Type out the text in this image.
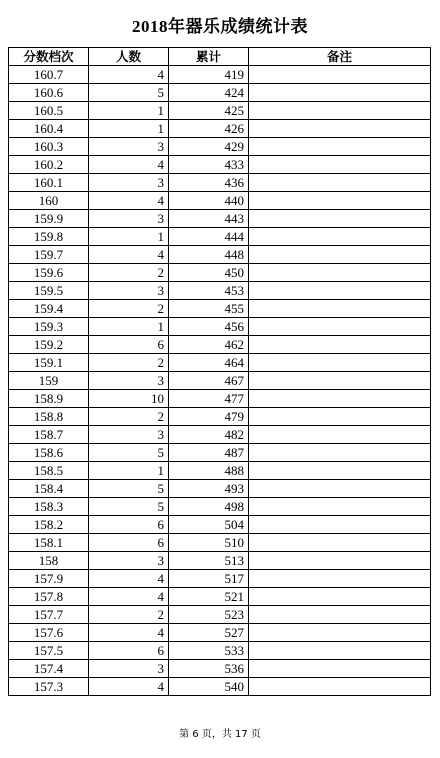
2018年器乐成绩统计表
分数档次	人数	累计	备注
160.7	4	419	
160.6	5	424	
160.5	1	425	
160.4	1	426	
160.3	3	429	
160.2	4	433	
160.1	3	436	
160	4	440	
159.9	3	443	
159.8	1	444	
159.7	4	448	
159.6	2	450	
159.5	3	453	
159.4	2	455	
159.3	1	456	
159.2	6	462	
159.1	2	464	
159	3	467	
158.9	10	477	
158.8	2	479	
158.7	3	482	
158.6	5	487	
158.5	1	488	
158.4	5	493	
158.3	5	498	
158.2	6	504	
158.1	6	510	
158	3	513	
157.9	4	517	
157.8	4	521	
157.7	2	523	
157.6	4	527	
157.5	6	533	
157.4	3	536	
157.3	4	540	
第 6 页，共 17 页
